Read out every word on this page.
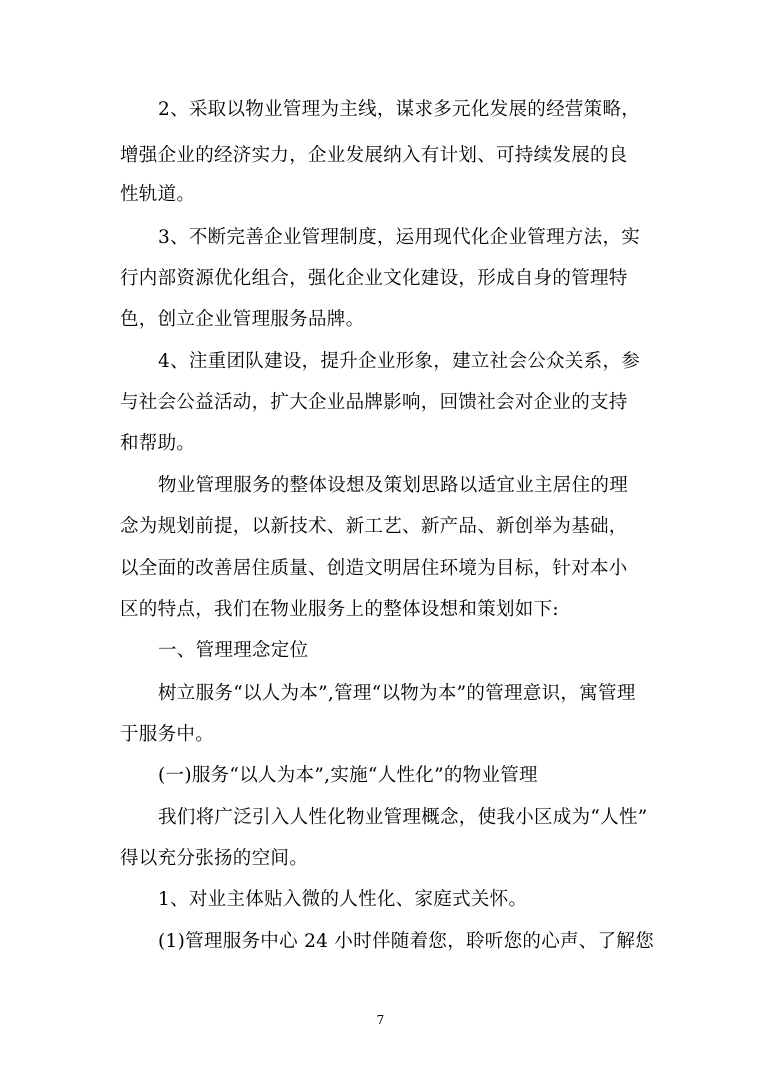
2、采取以物业管理为主线，谋求多元化发展的经营策略，
增强企业的经济实力，企业发展纳入有计划、可持续发展的良
性轨道。
3、不断完善企业管理制度，运用现代化企业管理方法，实
行内部资源优化组合，强化企业文化建设，形成自身的管理特
色，创立企业管理服务品牌。
4、注重团队建设，提升企业形象，建立社会公众关系，参
与社会公益活动，扩大企业品牌影响，回馈社会对企业的支持
和帮助。
物业管理服务的整体设想及策划思路以适宜业主居住的理
念为规划前提，以新技术、新工艺、新产品、新创举为基础，
以全面的改善居住质量、创造文明居住环境为目标，针对本小
区的特点，我们在物业服务上的整体设想和策划如下:
一、管理理念定位
树立服务“以人为本”,管理“以物为本”的管理意识，寓管理
于服务中。
(一)服务“以人为本”,实施“人性化”的物业管理
我们将广泛引入人性化物业管理概念，使我小区成为“人性”
得以充分张扬的空间。
1、对业主体贴入微的人性化、家庭式关怀。
(1)管理服务中心 24 小时伴随着您，聆听您的心声、了解您
7
